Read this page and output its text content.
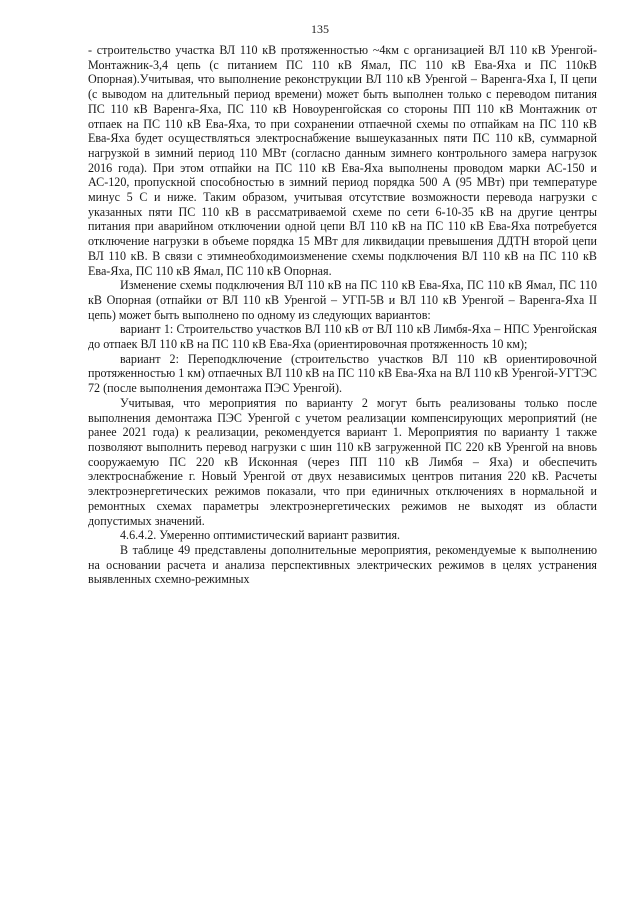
135

- строительство участка ВЛ 110 кВ протяженностью ~4км с организацией ВЛ 110 кВ Уренгой-Монтажник-3,4 цепь (с питанием ПС 110 кВ Ямал, ПС 110 кВ Ева-Яха и ПС 110кВ Опорная).Учитывая, что выполнение реконструкции ВЛ 110 кВ Уренгой – Варенга-Яха I, II цепи (с выводом на длительный период времени) может быть выполнен только с переводом питания ПС 110 кВ Варенга-Яха, ПС 110 кВ Новоуренгойская со стороны ПП 110 кВ Монтажник от отпаек на ПС 110 кВ Ева-Яха, то при сохранении отпаечной схемы по отпайкам на ПС 110 кВ Ева-Яха будет осуществляться электроснабжение вышеуказанных пяти ПС 110 кВ, суммарной нагрузкой в зимний период 110 МВт (согласно данным зимнего контрольного замера нагрузок 2016 года). При этом отпайки на ПС 110 кВ Ева-Яха выполнены проводом марки АС-150 и АС-120, пропускной способностью в зимний период порядка 500 А (95 МВт) при температуре минус 5 С и ниже. Таким образом, учитывая отсутствие возможности перевода нагрузки с указанных пяти ПС 110 кВ в рассматриваемой схеме по сети 6-10-35 кВ на другие центры питания при аварийном отключении одной цепи ВЛ 110 кВ на ПС 110 кВ Ева-Яха потребуется отключение нагрузки в объеме порядка 15 МВт для ликвидации превышения ДДТН второй цепи ВЛ 110 кВ. В связи с этимнеобходимоизменение схемы подключения ВЛ 110 кВ на ПС 110 кВ Ева-Яха, ПС 110 кВ Ямал, ПС 110 кВ Опорная.

Изменение схемы подключения ВЛ 110 кВ на ПС 110 кВ Ева-Яха, ПС 110 кВ Ямал, ПС 110 кВ Опорная (отпайки от ВЛ 110 кВ Уренгой – УГП-5В и ВЛ 110 кВ Уренгой – Варенга-Яха II цепь) может быть выполнено по одному из следующих вариантов:

вариант 1: Строительство участков ВЛ 110 кВ от ВЛ 110 кВ Лимбя-Яха – НПС Уренгойская до отпаек ВЛ 110 кВ на ПС 110 кВ Ева-Яха (ориентировочная протяженность 10 км);

вариант 2: Переподключение (строительство участков ВЛ 110 кВ ориентировочной протяженностью 1 км) отпаечных ВЛ 110 кВ на ПС 110 кВ Ева-Яха на ВЛ 110 кВ Уренгой-УГТЭС 72 (после выполнения демонтажа ПЭС Уренгой).

Учитывая, что мероприятия по варианту 2 могут быть реализованы только после выполнения демонтажа ПЭС Уренгой с учетом реализации компенсирующих мероприятий (не ранее 2021 года) к реализации, рекомендуется вариант 1. Мероприятия по варианту 1 также позволяют выполнить перевод нагрузки с шин 110 кВ загруженной ПС 220 кВ Уренгой на вновь сооружаемую ПС 220 кВ Исконная (через ПП 110 кВ Лимбя – Яха) и обеспечить электроснабжение г. Новый Уренгой от двух независимых центров питания 220 кВ. Расчеты электроэнергетических режимов показали, что при единичных отключениях в нормальной и ремонтных схемах параметры электроэнергетических режимов не выходят из области допустимых значений.

4.6.4.2. Умеренно оптимистический вариант развития.

В таблице 49 представлены дополнительные мероприятия, рекомендуемые к выполнению на основании расчета и анализа перспективных электрических режимов в целях устранения выявленных схемно-режимных
